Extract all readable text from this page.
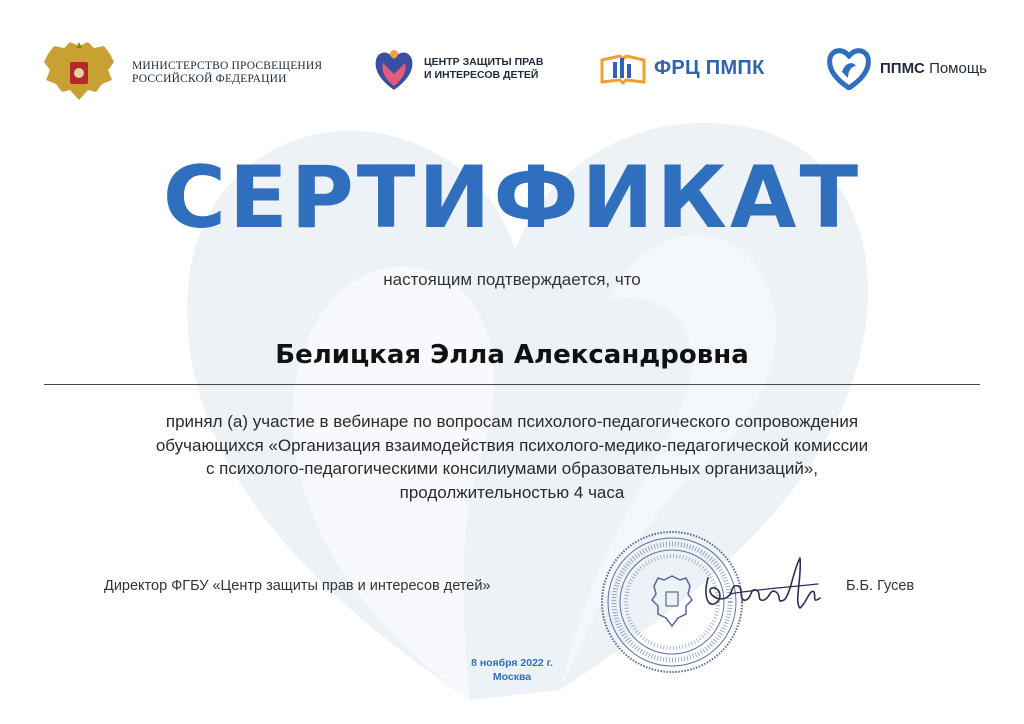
МИНИСТЕРСТВО ПРОСВЕЩЕНИЯ
РОССИЙСКОЙ ФЕДЕРАЦИИ
ЦЕНТР ЗАЩИТЫ ПРАВ
И ИНТЕРЕСОВ ДЕТЕЙ	ФРЦ ПМПК	ППМС Помощь
СЕРТИФИКАТ
настоящим подтверждается, что
Белицкая Элла Александровна
принял (а) участие в вебинаре по вопросам психолого-педагогического сопровождения
обучающихся «Организация взаимодействия психолого-медико-педагогической комиссии
с психолого-педагогическими консилиумами образовательных организаций»,
продолжительностью 4 часа
Директор ФГБУ «Центр защиты прав и интересов детей»	Б.Б. Гусев
8 ноября 2022 г.
Москва
